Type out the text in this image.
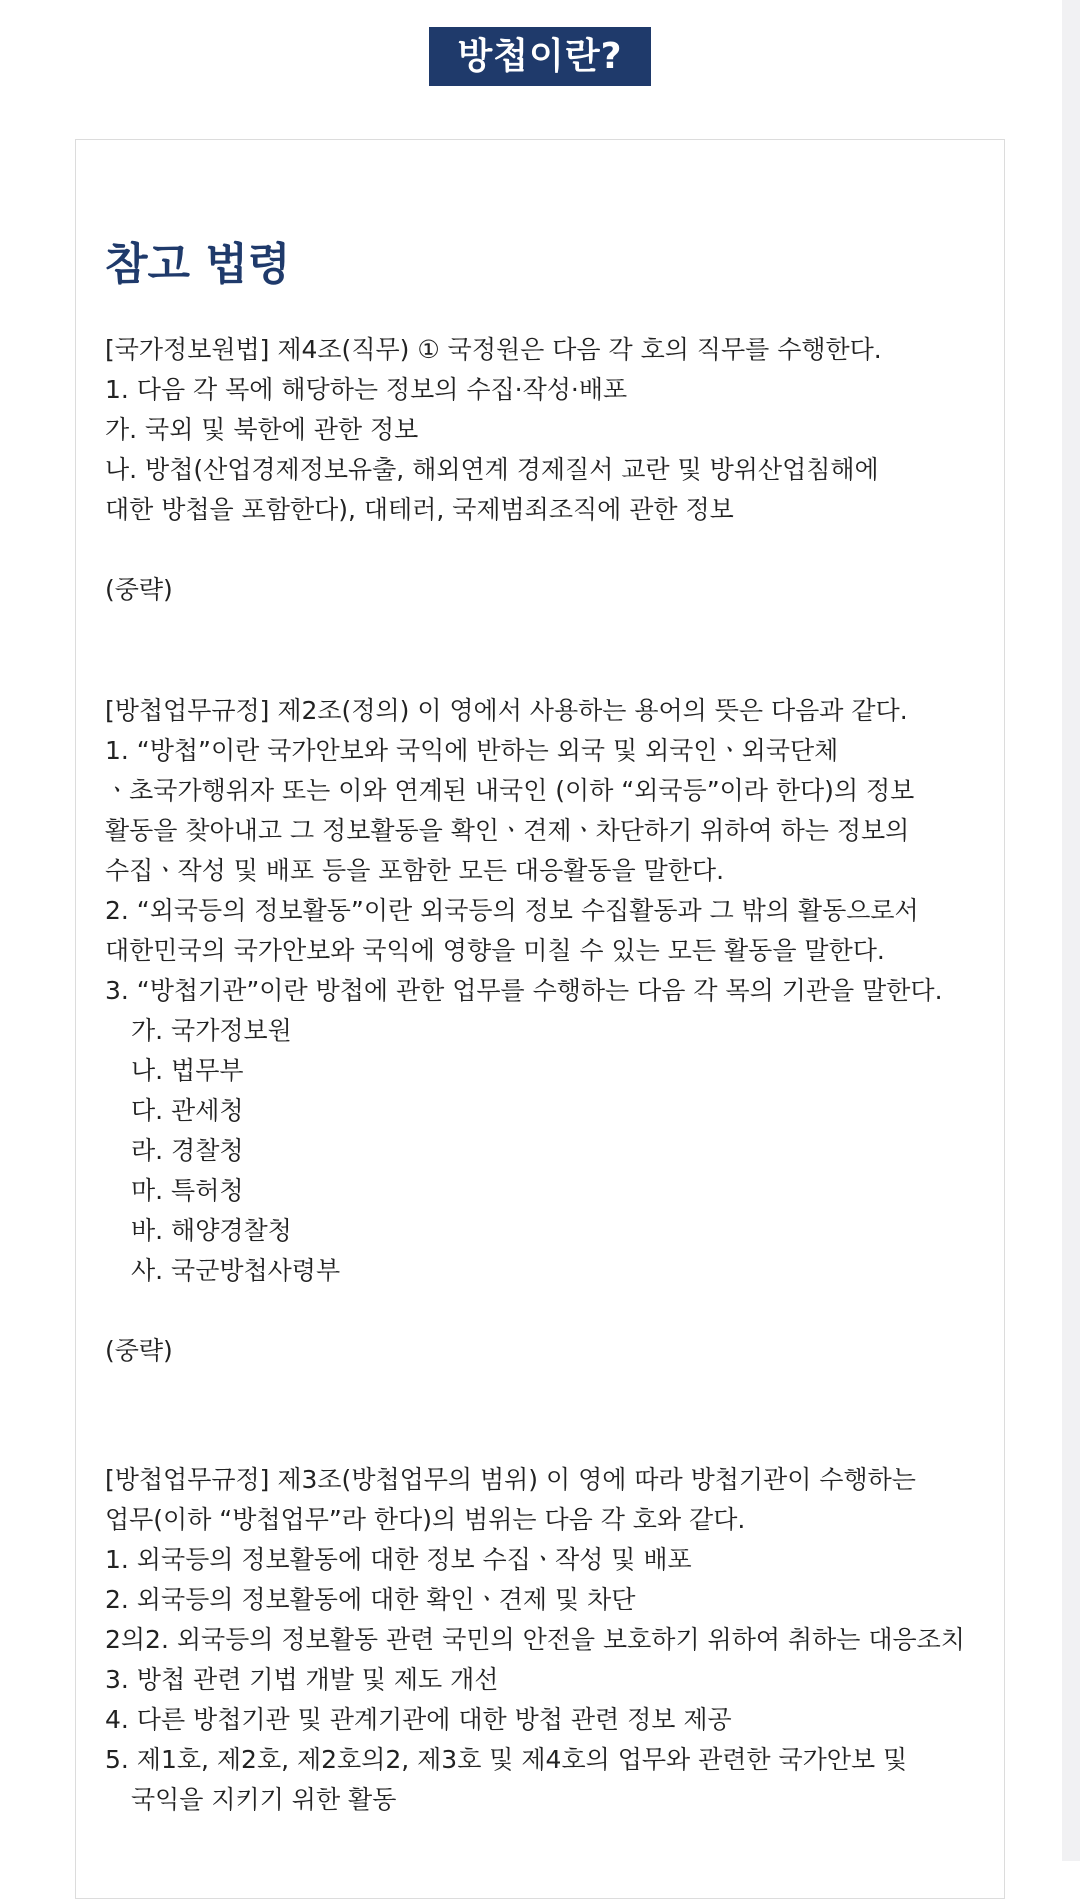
방첩이란?
참고 법령

[국가정보원법] 제4조(직무) ① 국정원은 다음 각 호의 직무를 수행한다.

1. 다음 각 목에 해당하는 정보의 수집·작성·배포

가. 국외 및 북한에 관한 정보

나. 방첩(산업경제정보유출, 해외연계 경제질서 교란 및 방위산업침해에

대한 방첩을 포함한다), 대테러, 국제범죄조직에 관한 정보

(중략)

[방첩업무규정] 제2조(정의) 이 영에서 사용하는 용어의 뜻은 다음과 같다.

1. “방첩”이란 국가안보와 국익에 반하는 외국 및 외국인ㆍ외국단체

ㆍ초국가행위자 또는 이와 연계된 내국인 (이하 “외국등”이라 한다)의 정보

활동을 찾아내고 그 정보활동을 확인ㆍ견제ㆍ차단하기 위하여 하는 정보의

수집ㆍ작성 및 배포 등을 포함한 모든 대응활동을 말한다.

2. “외국등의 정보활동”이란 외국등의 정보 수집활동과 그 밖의 활동으로서

대한민국의 국가안보와 국익에 영향을 미칠 수 있는 모든 활동을 말한다.

3. “방첩기관”이란 방첩에 관한 업무를 수행하는 다음 각 목의 기관을 말한다.

가. 국가정보원

나. 법무부

다. 관세청

라. 경찰청

마. 특허청

바. 해양경찰청

사. 국군방첩사령부

(중략)

[방첩업무규정] 제3조(방첩업무의 범위) 이 영에 따라 방첩기관이 수행하는

업무(이하 “방첩업무”라 한다)의 범위는 다음 각 호와 같다.

1. 외국등의 정보활동에 대한 정보 수집ㆍ작성 및 배포

2. 외국등의 정보활동에 대한 확인ㆍ견제 및 차단

2의2. 외국등의 정보활동 관련 국민의 안전을 보호하기 위하여 취하는 대응조치

3. 방첩 관련 기법 개발 및 제도 개선

4. 다른 방첩기관 및 관계기관에 대한 방첩 관련 정보 제공

5. 제1호, 제2호, 제2호의2, 제3호 및 제4호의 업무와 관련한 국가안보 및

국익을 지키기 위한 활동
